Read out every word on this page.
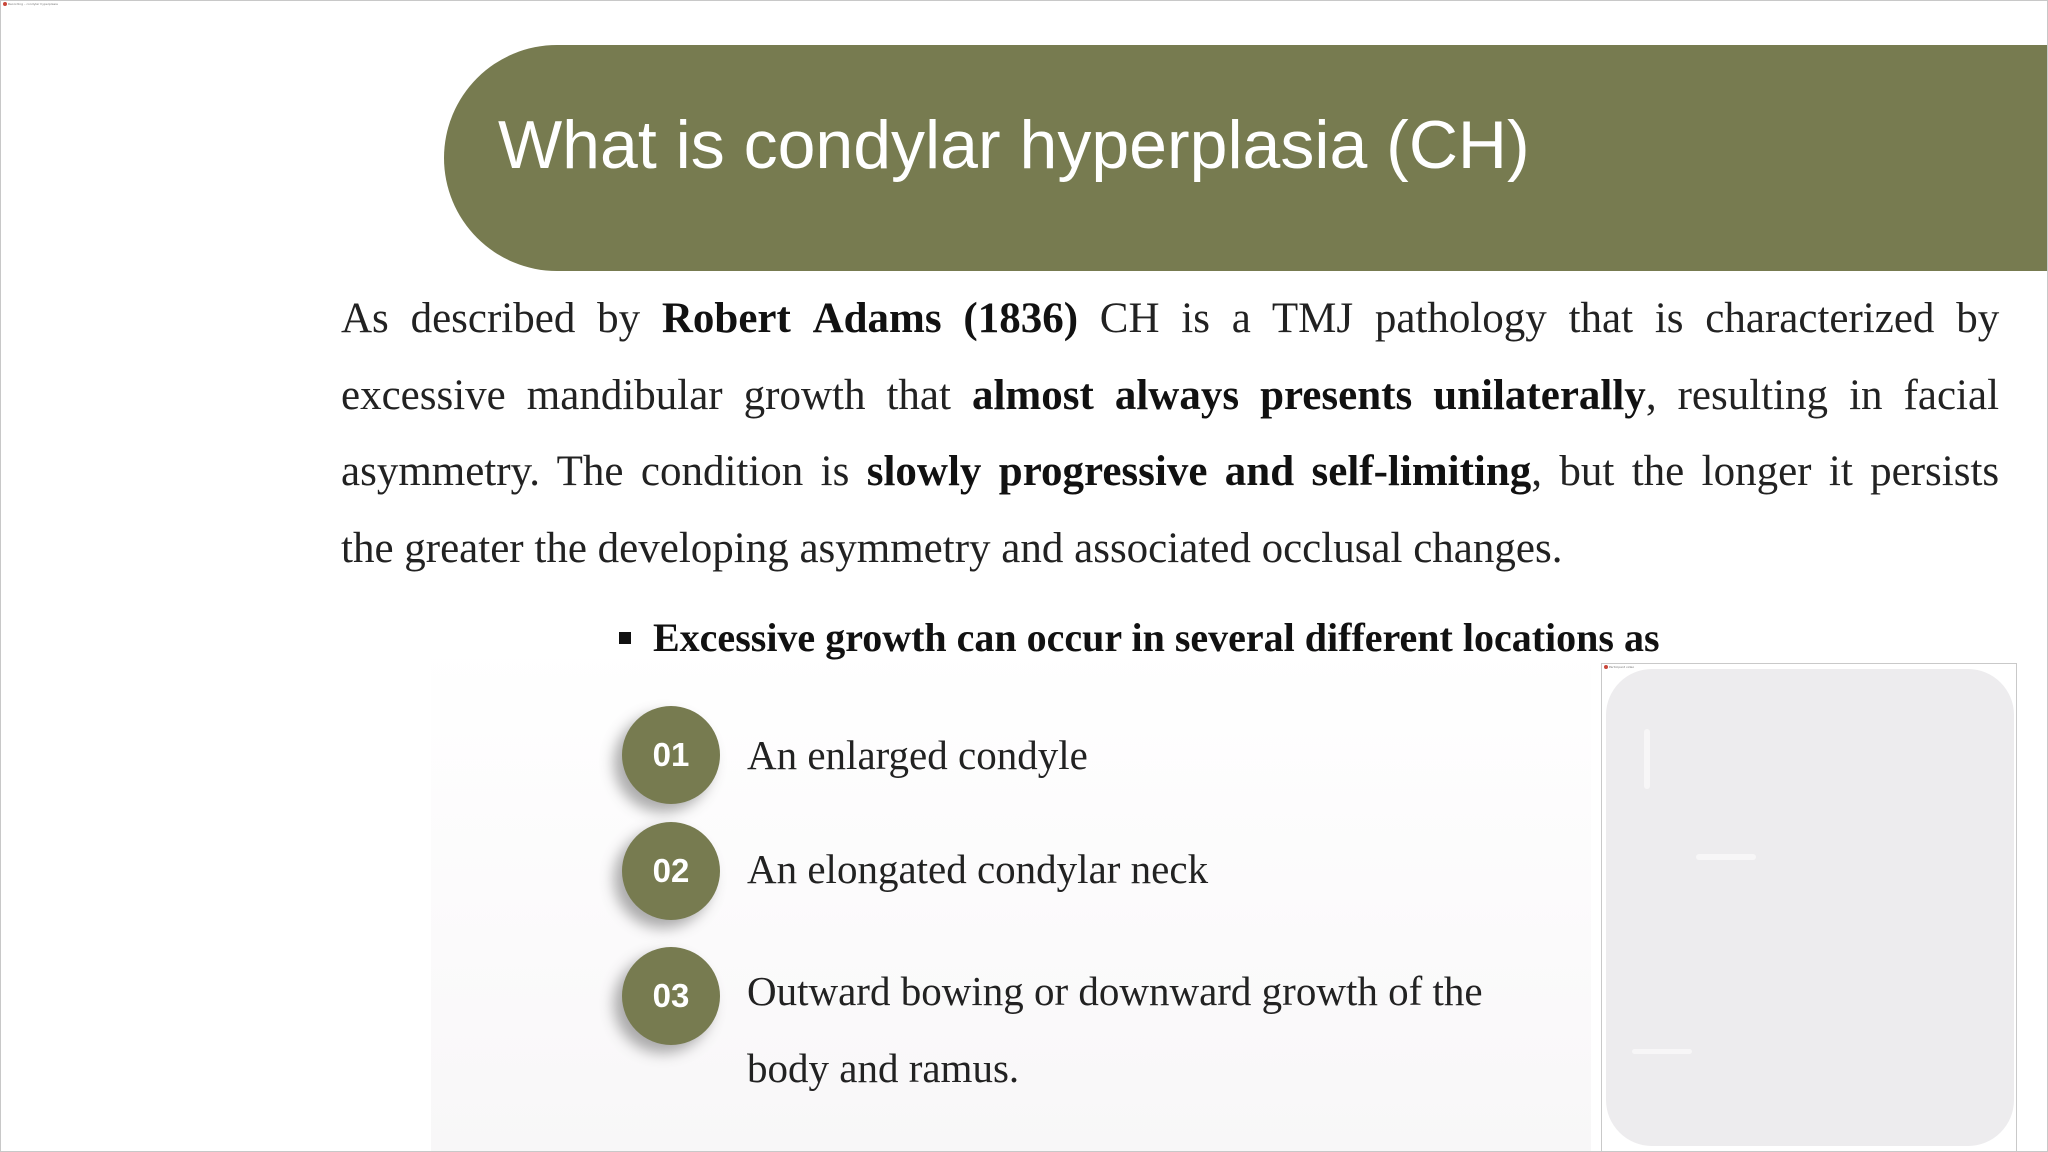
Recording – condylar hyperplasia
What is condylar hyperplasia (CH)
As described by Robert Adams (1836) CH is a TMJ pathology that is characterized by
excessive mandibular growth that almost always presents unilaterally, resulting in facial
asymmetry. The condition is slowly progressive and self-limiting, but the longer it persists
the greater the developing asymmetry and associated occlusal changes.
Excessive growth can occur in several different locations as
01	An enlarged condyle
02	An elongated condylar neck
03	Outward bowing or downward growth of the
body and ramus.
Participant video
